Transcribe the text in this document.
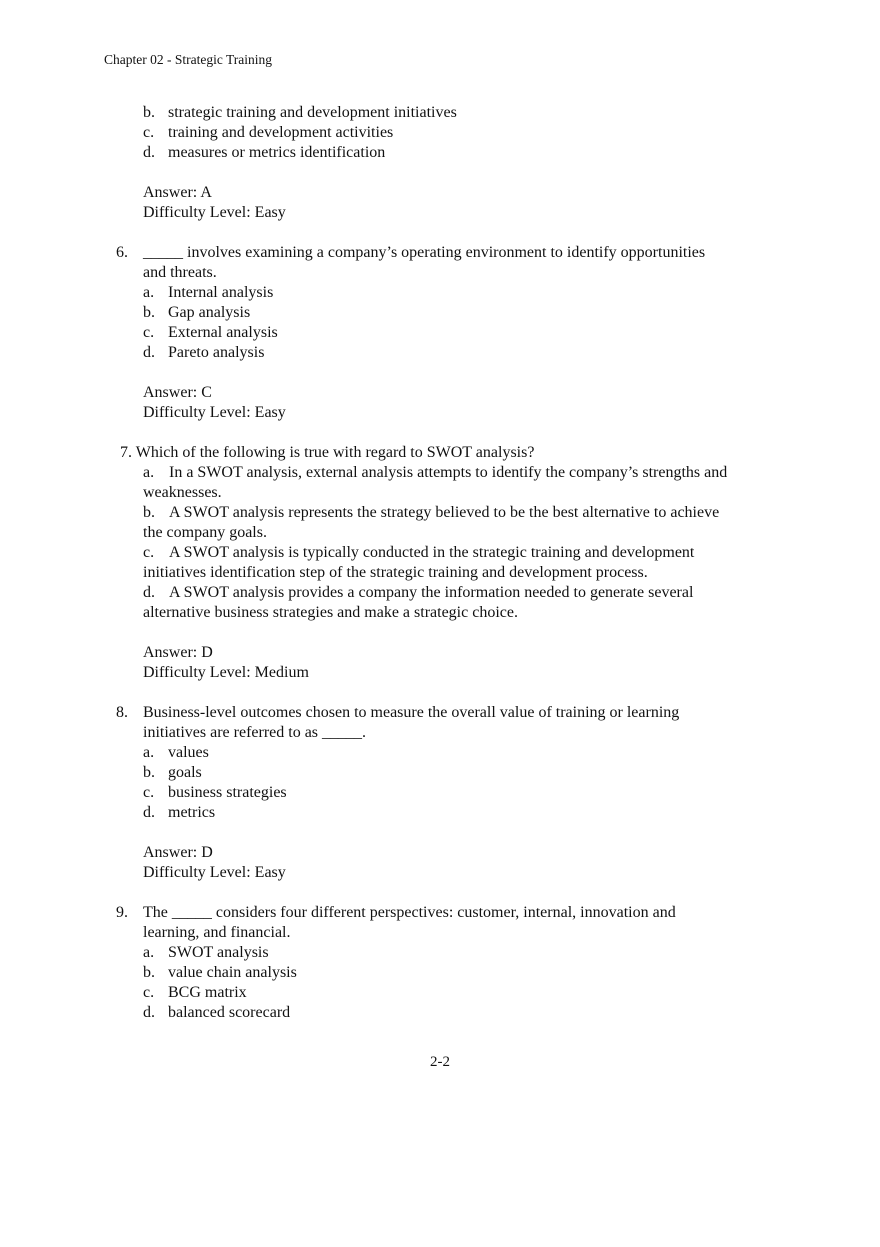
Chapter 02 - Strategic Training
b. strategic training and development initiatives
c. training and development activities
d. measures or metrics identification
Answer: A
Difficulty Level: Easy
6. _____ involves examining a company’s operating environment to identify opportunities
and threats.
a. Internal analysis
b. Gap analysis
c. External analysis
d. Pareto analysis
Answer: C
Difficulty Level: Easy
7. Which of the following is true with regard to SWOT analysis?
a. In a SWOT analysis, external analysis attempts to identify the company’s strengths and
weaknesses.
b. A SWOT analysis represents the strategy believed to be the best alternative to achieve
the company goals.
c. A SWOT analysis is typically conducted in the strategic training and development
initiatives identification step of the strategic training and development process.
d. A SWOT analysis provides a company the information needed to generate several
alternative business strategies and make a strategic choice.
Answer: D
Difficulty Level: Medium
8. Business-level outcomes chosen to measure the overall value of training or learning
initiatives are referred to as _____.
a. values
b. goals
c. business strategies
d. metrics
Answer: D
Difficulty Level: Easy
9. The _____ considers four different perspectives: customer, internal, innovation and
learning, and financial.
a. SWOT analysis
b. value chain analysis
c. BCG matrix
d. balanced scorecard
2-2
